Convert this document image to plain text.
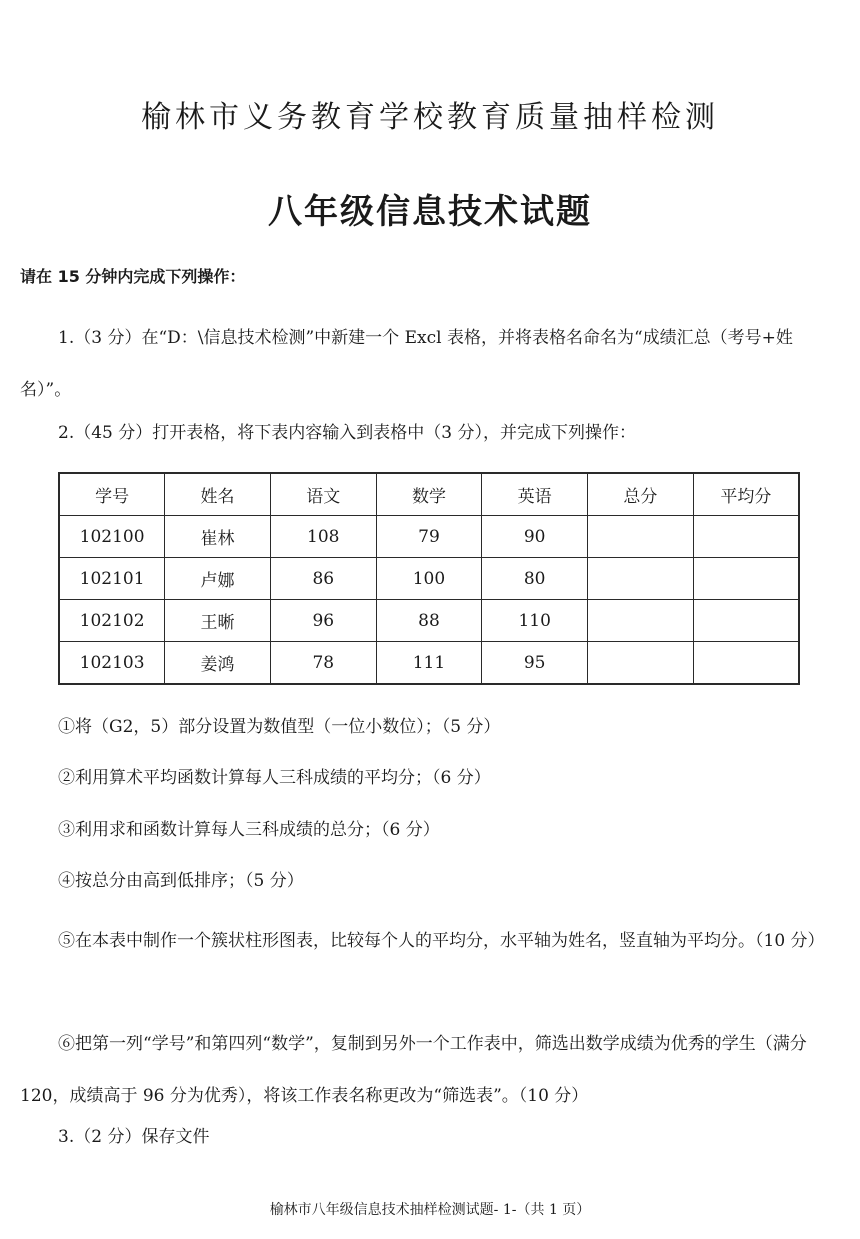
榆林市义务教育学校教育质量抽样检测
八年级信息技术试题
请在 15 分钟内完成下列操作：
1.（3 分）在“D：\信息技术检测”中新建一个 Excl 表格，并将表格名命名为“成绩汇总（考号+姓名）”。
2.（45 分）打开表格，将下表内容输入到表格中（3 分），并完成下列操作：
学号	姓名	语文	数学	英语	总分	平均分
102100	崔林	108	79	90		
102101	卢娜	86	100	80		
102102	王晰	96	88	110		
102103	姜鸿	78	111	95		
①将（G2，5）部分设置为数值型（一位小数位）；（5 分）
②利用算术平均函数计算每人三科成绩的平均分；（6 分）
③利用求和函数计算每人三科成绩的总分；（6 分）
④按总分由高到低排序；（5 分）
⑤在本表中制作一个簇状柱形图表，比较每个人的平均分，水平轴为姓名，竖直轴为平均分。（10 分）
⑥把第一列“学号”和第四列“数学”，复制到另外一个工作表中，筛选出数学成绩为优秀的学生（满分 120，成绩高于 96 分为优秀），将该工作表名称更改为“筛选表”。（10 分）
3.（2 分）保存文件
榆林市八年级信息技术抽样检测试题- 1-（共 1 页）
